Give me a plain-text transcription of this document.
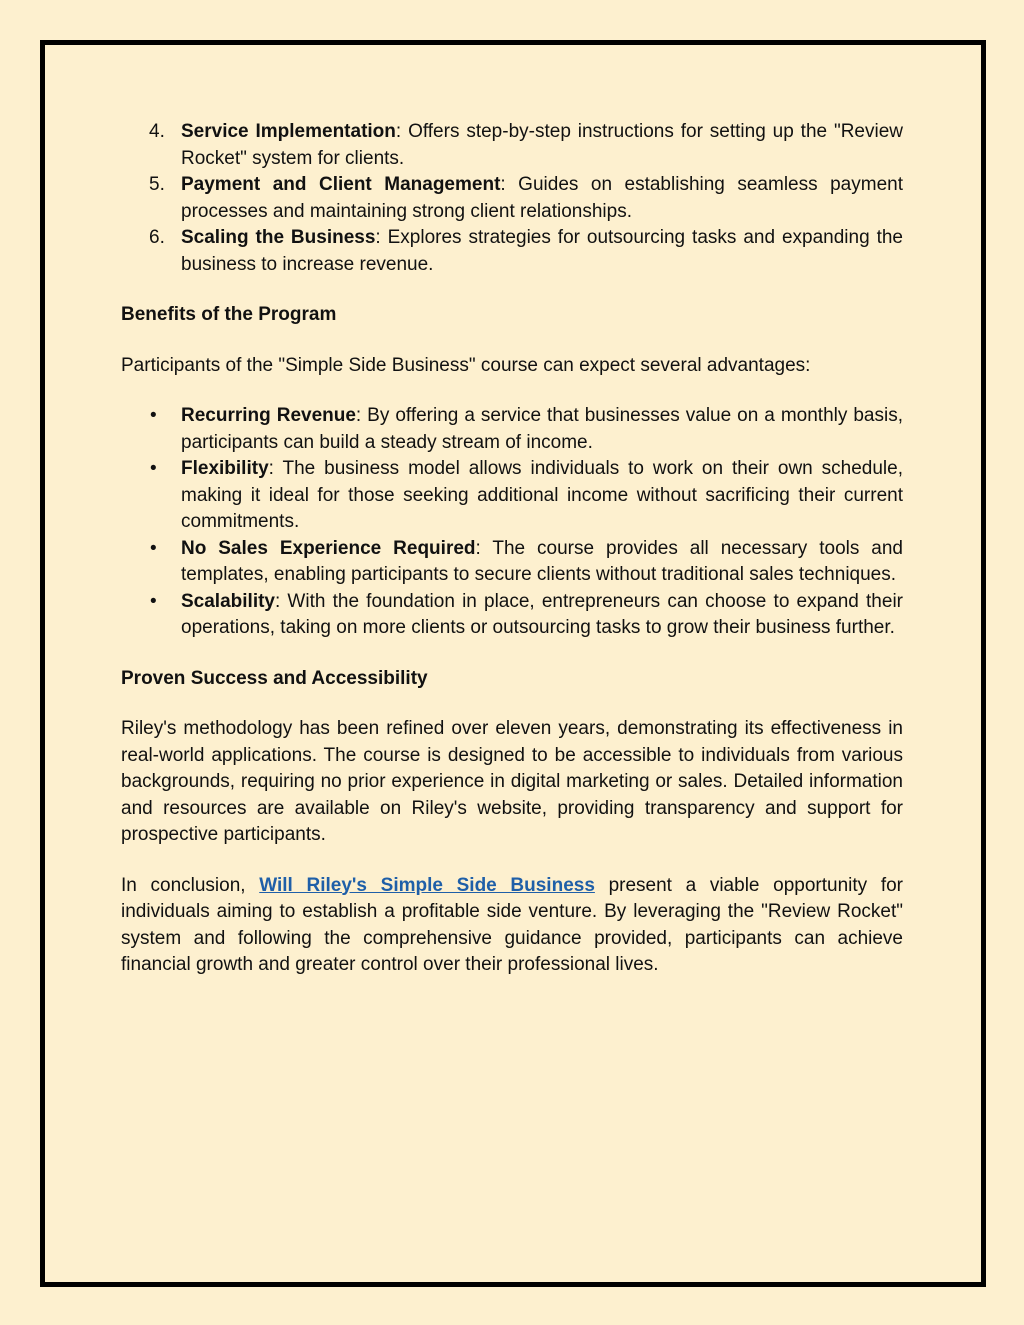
4. Service Implementation: Offers step-by-step instructions for setting up the "Review Rocket" system for clients.
5. Payment and Client Management: Guides on establishing seamless payment processes and maintaining strong client relationships.
6. Scaling the Business: Explores strategies for outsourcing tasks and expanding the business to increase revenue.

Benefits of the Program

Participants of the "Simple Side Business" course can expect several advantages:

• Recurring Revenue: By offering a service that businesses value on a monthly basis, participants can build a steady stream of income.
• Flexibility: The business model allows individuals to work on their own schedule, making it ideal for those seeking additional income without sacrificing their current commitments.
• No Sales Experience Required: The course provides all necessary tools and templates, enabling participants to secure clients without traditional sales techniques.
• Scalability: With the foundation in place, entrepreneurs can choose to expand their operations, taking on more clients or outsourcing tasks to grow their business further.

Proven Success and Accessibility

Riley's methodology has been refined over eleven years, demonstrating its effectiveness in real-world applications. The course is designed to be accessible to individuals from various backgrounds, requiring no prior experience in digital marketing or sales. Detailed information and resources are available on Riley's website, providing transparency and support for prospective participants.

In conclusion, Will Riley's Simple Side Business present a viable opportunity for individuals aiming to establish a profitable side venture. By leveraging the "Review Rocket" system and following the comprehensive guidance provided, participants can achieve financial growth and greater control over their professional lives.
